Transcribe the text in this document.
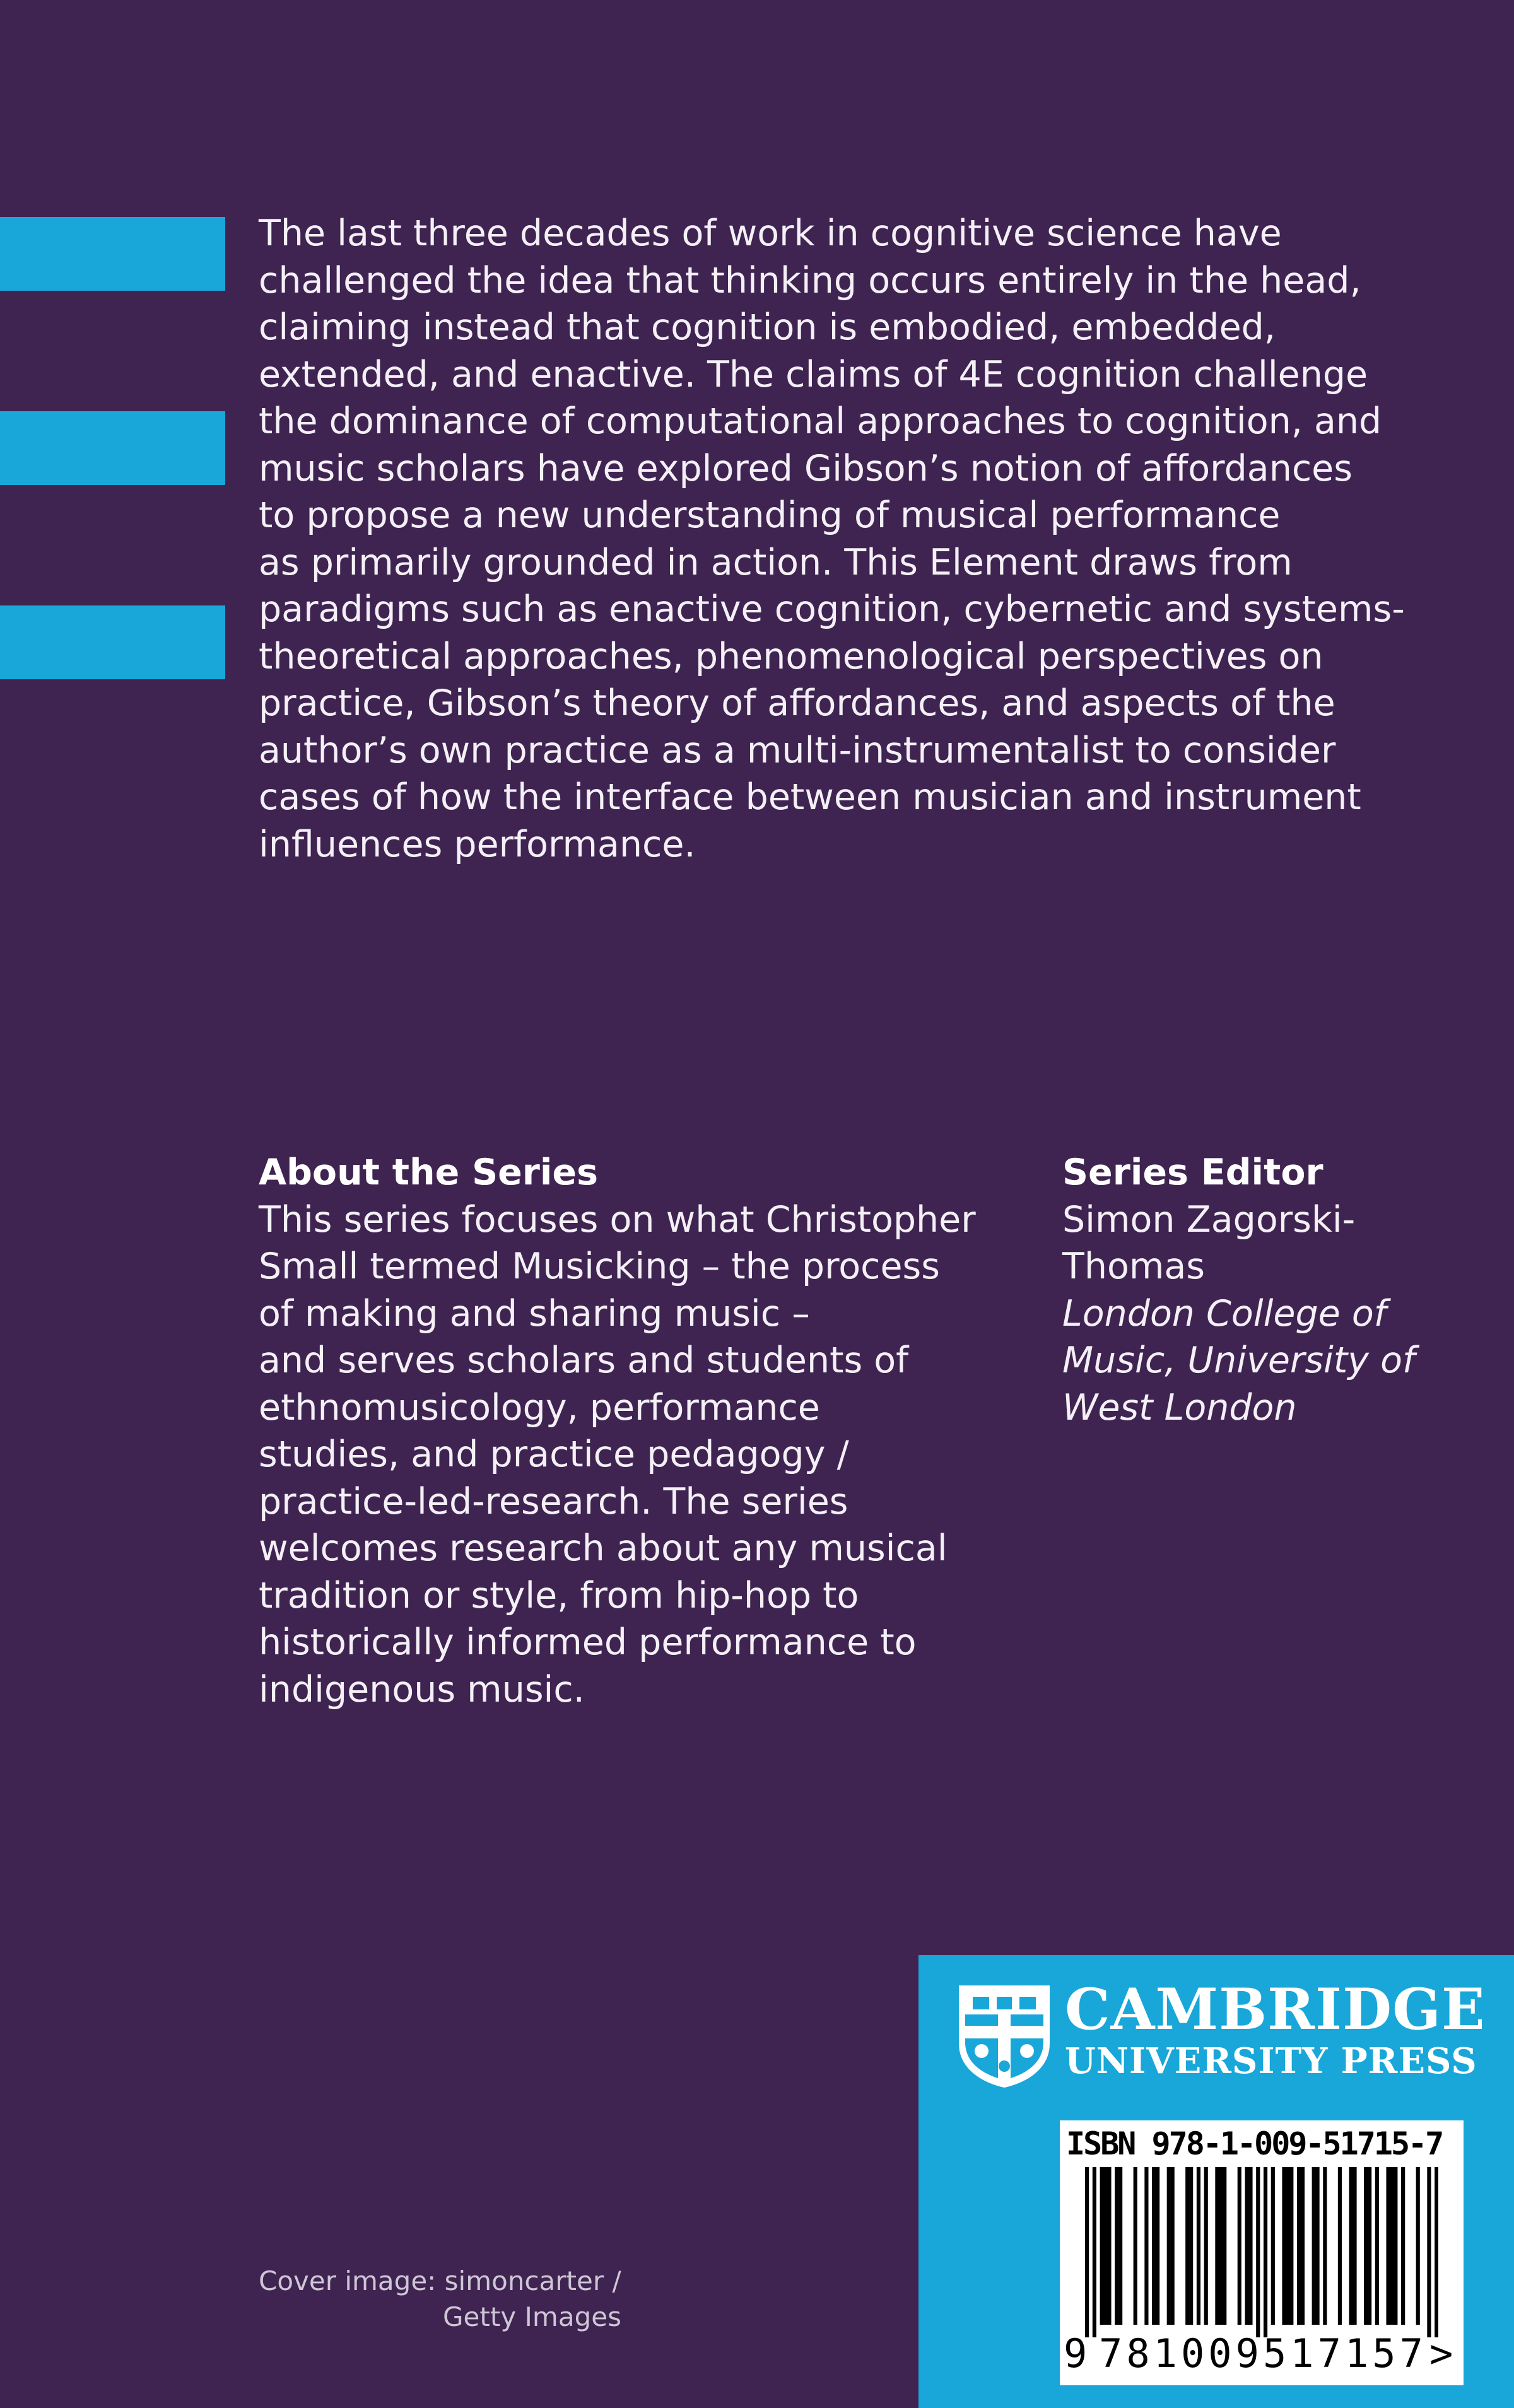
The last three decades of work in cognitive science have
challenged the idea that thinking occurs entirely in the head,
claiming instead that cognition is embodied, embedded,
extended, and enactive. The claims of 4E cognition challenge
the dominance of computational approaches to cognition, and
music scholars have explored Gibson’s notion of affordances
to propose a new understanding of musical performance
as primarily grounded in action. This Element draws from
paradigms such as enactive cognition, cybernetic and systems-
theoretical approaches, phenomenological perspectives on
practice, Gibson’s theory of affordances, and aspects of the
author’s own practice as a multi-instrumentalist to consider
cases of how the interface between musician and instrument
influences performance.

About the Series
This series focuses on what Christopher
Small termed Musicking – the process
of making and sharing music –
and serves scholars and students of
ethnomusicology, performance
studies, and practice pedagogy /
practice-led-research. The series
welcomes research about any musical
tradition or style, from hip-hop to
historically informed performance to
indigenous music.
Series Editor
Simon Zagorski-
Thomas
London College of
Music, University of
West London
Cover image: simoncarter /
Getty Images
CAMBRIDGE
UNIVERSITY PRESS
ISBN 978-1-009-51715-7
9 781009517157 >
